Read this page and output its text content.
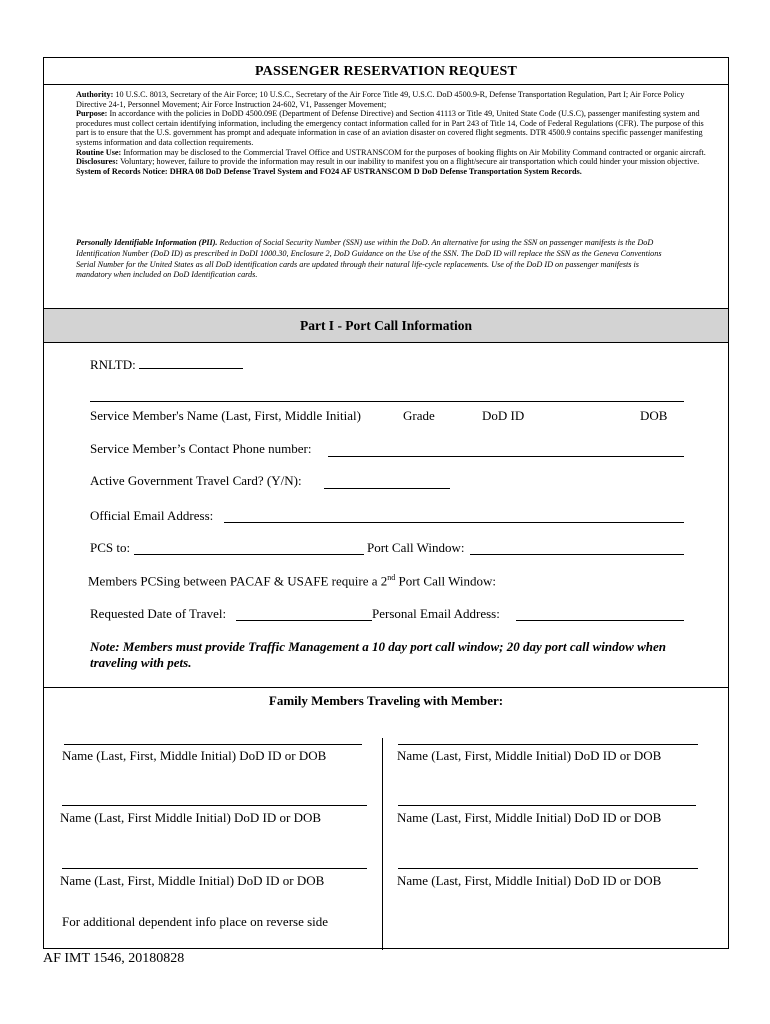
PASSENGER RESERVATION REQUEST

Authority: 10 U.S.C. 8013, Secretary of the Air Force; 10 U.S.C., Secretary of the Air Force Title 49, U.S.C. DoD 4500.9-R, Defense Transportation Regulation, Part I; Air Force Policy Directive 24-1, Personnel Movement; Air Force Instruction 24-602, V1, Passenger Movement;

Purpose: In accordance with the policies in DoDD 4500.09E (Department of Defense Directive) and Section 41113 or Title 49, United State Code (U.S.C), passenger manifesting system and procedures must collect certain identifying information, including the emergency contact information called for in Part 243 of Title 14, Code of Federal Regulations (CFR). The purpose of this part is to ensure that the U.S. government has prompt and adequate information in case of an aviation disaster on covered flight segments. DTR 4500.9 contains specific passenger manifesting systems information and data collection requirements.

Routine Use: Information may be disclosed to the Commercial Travel Office and USTRANSCOM for the purposes of booking flights on Air Mobility Command contracted or organic aircraft.

Disclosures: Voluntary; however, failure to provide the information may result in our inability to manifest you on a flight/secure air transportation which could hinder your mission objective.

System of Records Notice: DHRA 08 DoD Defense Travel System and FO24 AF USTRANSCOM D DoD Defense Transportation System Records.

Personally Identifiable Information (PII). Reduction of Social Security Number (SSN) use within the DoD. An alternative for using the SSN on passenger manifests is the DoD Identification Number (DoD ID) as prescribed in DoDI 1000.30, Enclosure 2, DoD Guidance on the Use of the SSN. The DoD ID will replace the SSN as the Geneva Conventions Serial Number for the United States as all DoD identification cards are updated through their natural life-cycle replacements. Use of the DoD ID on passenger manifests is mandatory when included on DoD Identification cards.
Part I - Port Call Information
RNLTD:
Service Member's Name (Last, First, Middle Initial)	Grade	DoD ID	DOB
Service Member’s Contact Phone number:
Active Government Travel Card? (Y/N):
Official Email Address:
PCS to:	Port Call Window:
Members PCSing between PACAF & USAFE require a 2nd Port Call Window:
Requested Date of Travel:	Personal Email Address:
Note: Members must provide Traffic Management a 10 day port call window; 20 day port call window when traveling with pets.
Family Members Traveling with Member:
Name (Last, First, Middle Initial) DoD ID or DOB
Name (Last, First Middle Initial) DoD ID or DOB
Name (Last, First, Middle Initial) DoD ID or DOB
For additional dependent info place on reverse side
Name (Last, First, Middle Initial) DoD ID or DOB
Name (Last, First, Middle Initial) DoD ID or DOB
Name (Last, First, Middle Initial) DoD ID or DOB
AF IMT 1546, 20180828
